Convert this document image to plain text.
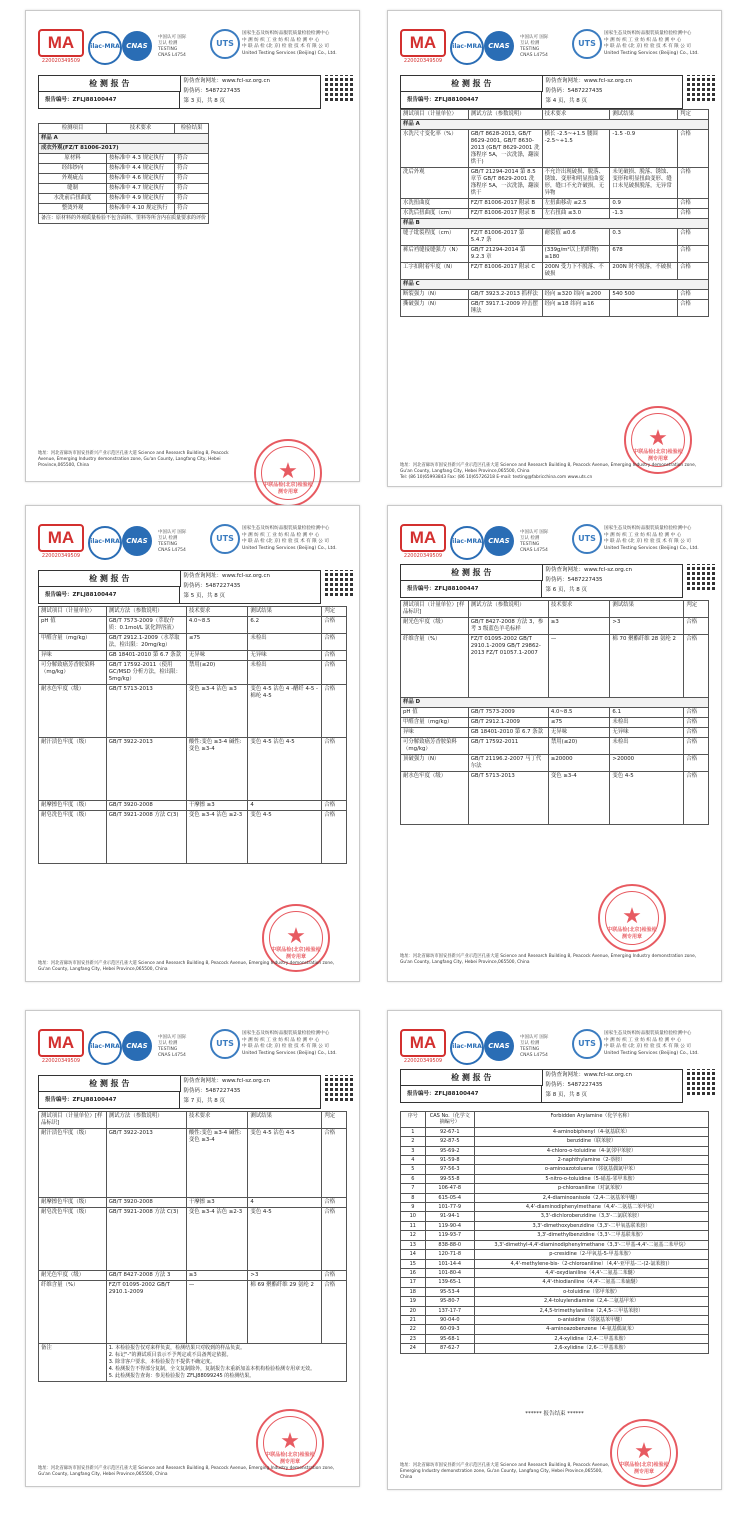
MA
220020349509
ilac-MRA CNAS
中国认可 国际互认 检测 TESTING CNAS L4754
UTS
国家生态及纺织纺品服装质量检验检测中心
中 测 纺 织 工 业 纺 织 品 检 测 中 心
中 联 品 检 (北 京) 检 验 技 术 有 限 公 司
United Testing Services (Beijing) Co., Ltd.
检 测 报 告
报告编号：ZFLJ88100447
防伪查询网址：www.fcl-sz.org.cn
防伪码：5487227435
第 3 页，共 8 页
检测项目	技术要求	检验结果
样品 A		
成衣外观(FZ/T 81006-2017)		
原材料	按标准中 4.3 规定执行	符合
经纬纱向	按标准中 4.4 规定执行	符合
外观疵点	按标准中 4.6 规定执行	符合
缝制	按标准中 4.7 规定执行	符合
水洗前后扭曲度	按标准中 4.9 规定执行	符合
整烫外观	按标准中 4.10 规定执行	符合
备注：原材料的外观质量检验不包含面料、里料等所含内在质量要求的评价		
★
中联品检(北京)检验检测专用章
地址：河北省廊坊市固安县新兴产业示范区孔雀大道 Science and Research Building 8, Peacock Avenue, Emerging Industry demonstration zone, Gu'an County, Langfang City, Hebei Province,065500, China
MA
220020349509
ilac-MRA CNAS
中国认可 国际互认 检测 TESTING CNAS L4754
UTS
国家生态及纺织纺品服装质量检验检测中心
中 测 纺 织 工 业 纺 织 品 检 测 中 心
中 联 品 检 (北 京) 检 验 技 术 有 限 公 司
United Testing Services (Beijing) Co., Ltd.
检 测 报 告
报告编号：ZFLJ88100447
防伪查询网址：www.fcl-sz.org.cn
防伪码：5487227435
第 4 页，共 8 页
测试项目（计量单位）	测试方法（参数说明）	技术要求	测试结果	判定
样品 A				
水洗尺寸变化率（%）	GB/T 8628-2013, GB/T 8629-2001, GB/T 8630-2013 (GB/T 8629-2001 洗涤程序 5A，一次洗涤，翻滚烘干)	横长 -2.5~+1.5 腰围 -2.5~+1.5	-1.5 -0.9	合格
洗后外观	GB/T 21294-2014 第 8.5 章节 GB/T 8629-2001 洗涤程序 5A，一次洗涤，翻滚烘干	不允许出现破损、脱落、锈蚀、变形和明显扭曲变形，缝口不允许破损，无异物	未见破损、脱落、锈蚀、变形和明显扭曲变形、缝口未见破损脱落，无异常	合格
水洗扭曲度	FZ/T 81006-2017 附录 B	左扭曲移动 ≤2.5	0.9	合格
水洗后扭曲度（cm）	FZ/T 81006-2017 附录 B	左右扭曲 ≤3.0	-1.3	合格
样品 B				
缝子纰裂程度（cm）	FZ/T 81006-2017 第 5.4.7 条	耐裂值 ≤0.6	0.3	合格
裤后裆缝接缝强力（N）	GB/T 21294-2014 第 9.2.3 章	(339g/m²以上的织物) ≥180	678	合格
工字扣附着牢度（N）	FZ/T 81006-2017 附录 C	200N 受力下不脱落、不破损	200N 时不脱落，不破损	合格
样品 C				
断裂强力（N）	GB/T 3923.2-2013 抓样法	经向 ≥320 纬向 ≥200	540 500	合格
撕破强力（N）	GB/T 3917.1-2009 冲击摆锤法	经向 ≥18 纬向 ≥16		合格
★
中联品检(北京)检验检测专用章
地址：河北省廊坊市固安县新兴产业示范区孔雀大道 Science and Research Building 8, Peacock Avenue, Emerging Industry demonstration zone, Gu'an County, Langfang City, Hebei Province,065500, China
Tel: (86 10)65993843 Fax: (86 10)65726218 E-mail: testing@fabricchina.com www.uts.cn
MA
220020349509
ilac-MRA CNAS
中国认可 国际互认 检测 TESTING CNAS L4754
UTS
国家生态及纺织纺品服装质量检验检测中心
中 测 纺 织 工 业 纺 织 品 检 测 中 心
中 联 品 检 (北 京) 检 验 技 术 有 限 公 司
United Testing Services (Beijing) Co., Ltd.
检 测 报 告
报告编号：ZFLJ88100447
防伪查询网址：www.fcl-sz.org.cn
防伪码：5487227435
第 5 页，共 8 页
测试项目（计量单位）	测试方法（参数说明）	技术要求	测试结果	判定
pH 值	GB/T 7573-2009（萃取介质：0.1mol/L 氯化钾溶液）	4.0~8.5	6.2	合格
甲醛含量（mg/kg）	GB/T 2912.1-2009（水萃取法，检出限：20mg/kg）	≤75	未检出	合格
异味	GB 18401-2010 第 6.7 条款	无异味	无异味	合格
可分解致癌芳香胺染料（mg/kg）	GB/T 17592-2011（使用 GC/MSD 分析方法，检出限：5mg/kg）	禁用(≤20)	未检出	合格
耐水色牢度（级）	GB/T 5713-2013	变色 ≥3-4 沾色 ≥3	变色 4-5 沾色 4 -醋纤 4-5 -棉纶 4-5	合格
耐汗渍色牢度（级）	GB/T 3922-2013	酸性:变色 ≥3-4 碱性:变色 ≥3-4	变色 4-5 沾色 4-5	合格
耐摩擦色牢度（级）	GB/T 3920-2008	干摩擦 ≥3	4	合格
耐皂洗色牢度（级）	GB/T 3921-2008 方法 C(3)	变色 ≥3-4 沾色 ≥2-3	变色 4-5	合格
★
中联品检(北京)检验检测专用章
地址：河北省廊坊市固安县新兴产业示范区孔雀大道 Science and Research Building 8, Peacock Avenue, Emerging Industry demonstration zone, Gu'an County, Langfang City, Hebei Province,065500, China
MA
220020349509
ilac-MRA CNAS
中国认可 国际互认 检测 TESTING CNAS L4754
UTS
国家生态及纺织纺品服装质量检验检测中心
中 测 纺 织 工 业 纺 织 品 检 测 中 心
中 联 品 检 (北 京) 检 验 技 术 有 限 公 司
United Testing Services (Beijing) Co., Ltd.
检 测 报 告
报告编号：ZFLJ88100447
防伪查询网址：www.fcl-sz.org.cn
防伪码：5487227435
第 6 页，共 8 页
测试项目（计量单位）[样品标识]	测试方法（参数说明）	技术要求	测试结果	判定
耐光色牢度（级）	GB/T 8427-2008 方法 3，参考 3 级蓝色羊毛标样	≥3	>3	合格
纤维含量（%）	FZ/T 01095-2002 GB/T 2910.1-2009 GB/T 29862-2013 FZ/T 01057.1-2007	—	棉 70 聚酯纤维 28 氨纶 2	合格
样品 D				
pH 值	GB/T 7573-2009	4.0~8.5	6.1	合格
甲醛含量（mg/kg）	GB/T 2912.1-2009	≤75	未检出	合格
异味	GB 18401-2010 第 6.7 条款	无异味	无异味	合格
可分解致癌芳香胺染料（mg/kg）	GB/T 17592-2011	禁用(≤20)	未检出	合格
顶破强力（N）	GB/T 21196.2-2007 马丁代尔法	≥20000	>20000	合格
耐水色牢度（级）	GB/T 5713-2013	变色 ≥3-4	变色 4-5	合格
★
中联品检(北京)检验检测专用章
地址：河北省廊坊市固安县新兴产业示范区孔雀大道 Science and Research Building 8, Peacock Avenue, Emerging Industry demonstration zone, Gu'an County, Langfang City, Hebei Province,065500, China
MA
220020349509
ilac-MRA CNAS
中国认可 国际互认 检测 TESTING CNAS L4754
UTS
国家生态及纺织纺品服装质量检验检测中心
中 测 纺 织 工 业 纺 织 品 检 测 中 心
中 联 品 检 (北 京) 检 验 技 术 有 限 公 司
United Testing Services (Beijing) Co., Ltd.
检 测 报 告
报告编号：ZFLJ88100447
防伪查询网址：www.fcl-sz.org.cn
防伪码：5487227435
第 7 页，共 8 页
测试项目（计量单位）[样品标识]	测试方法（参数说明）	技术要求	测试结果	判定
耐汗渍色牢度（级）	GB/T 3922-2013	酸性:变色 ≥3-4 碱性:变色 ≥3-4	变色 4-5 沾色 4-5	合格
耐摩擦色牢度（级）	GB/T 3920-2008	干摩擦 ≥3	4	合格
耐皂洗色牢度（级）	GB/T 3921-2008 方法 C(3)	变色 ≥3-4 沾色 ≥2-3	变色 4-5	合格
耐光色牢度（级）	GB/T 8427-2008 方法 3	≥3	>3	合格
纤维含量（%）	FZ/T 01095-2002 GB/T 2910.1-2009	—	棉 69 聚酯纤维 29 氨纶 2	合格
备注	1. 本检验报告仅对来样负责，检测结果只对收到的样品负责。
2. 标记"-"的测试项目表示不予判定或不具备判定依据。
3. 除非客户要求，本检验报告不提供不确定度。
4. 检测报告不得部分复制，全文复制除外，复制报告未重新加盖本机构检验检测专用章无效。
5. 此检测报告查询：参见检验报告 ZFLJ88099245 的检测结果。			
★
中联品检(北京)检验检测专用章
地址：河北省廊坊市固安县新兴产业示范区孔雀大道 Science and Research Building 8, Peacock Avenue, Emerging Industry demonstration zone, Gu'an County, Langfang City, Hebei Province,065500, China
MA
220020349509
ilac-MRA CNAS
中国认可 国际互认 检测 TESTING CNAS L4754
UTS
国家生态及纺织纺品服装质量检验检测中心
中 测 纺 织 工 业 纺 织 品 检 测 中 心
中 联 品 检 (北 京) 检 验 技 术 有 限 公 司
United Testing Services (Beijing) Co., Ltd.
检 测 报 告
报告编号：ZFLJ88100447
防伪查询网址：www.fcl-sz.org.cn
防伪码：5487227435
第 8 页，共 8 页
序号	CAS No.（化学文摘编号）	Forbidden Arylamine（化学名称）
1	92-67-1	4-aminobiphenyl（4-氨基联苯）
2	92-87-5	benzidine（联苯胺）
3	95-69-2	4-chloro-o-toluidine（4-氯邻甲苯胺）
4	91-59-8	2-naphthylamine（2-萘胺）
5	97-56-3	o-aminoazotoluene（邻氨基偶氮甲苯）
6	99-55-8	5-nitro-o-toluidine（5-硝基-邻甲苯胺）
7	106-47-8	p-chloroaniline（对氯苯胺）
8	615-05-4	2,4-diaminoanisole（2,4-二氨基苯甲醚）
9	101-77-9	4,4'-diaminodiphenylmethane（4,4'-二氨基二苯甲烷）
10	91-94-1	3,3'-dichlorobenzidine（3,3'-二氯联苯胺）
11	119-90-4	3,3'-dimethoxybenzidine（3,3'-二甲氧基联苯胺）
12	119-93-7	3,3'-dimethylbenzidine（3,3'-二甲基联苯胺）
13	838-88-0	3,3'-dimethyl-4,4'-diaminodiphenylmethane（3,3'-二甲基-4,4'-二氨基二苯甲烷）
14	120-71-8	p-cresidine（2-甲氧基-5-甲基苯胺）
15	101-14-4	4,4'-methylene-bis-（2-chloroaniline）（4,4'-亚甲基-二-(2-氯苯胺)）
16	101-80-4	4,4'-oxydianiline（4,4'-二氨基二苯醚）
17	139-65-1	4,4'-thiodianiline（4,4'-二氨基二苯硫醚）
18	95-53-4	o-toluidine（邻甲苯胺）
19	95-80-7	2,4-toluylendiamine（2,4-二氨基甲苯）
20	137-17-7	2,4,5-trimethylaniline（2,4,5-三甲基苯胺）
21	90-04-0	o-anisidine（邻氨基苯甲醚）
22	60-09-3	4-aminoazobenzene（4-氨基偶氮苯）
23	95-68-1	2,4-xylidine（2,4-二甲基苯胺）
24	87-62-7	2,6-xylidine（2,6-二甲基苯胺）
****** 报告结束 ******
★
中联品检(北京)检验检测专用章
地址：河北省廊坊市固安县新兴产业示范区孔雀大道 Science and Research Building 8, Peacock Avenue, Emerging Industry demonstration zone, Gu'an County, Langfang City, Hebei Province,065500, China
